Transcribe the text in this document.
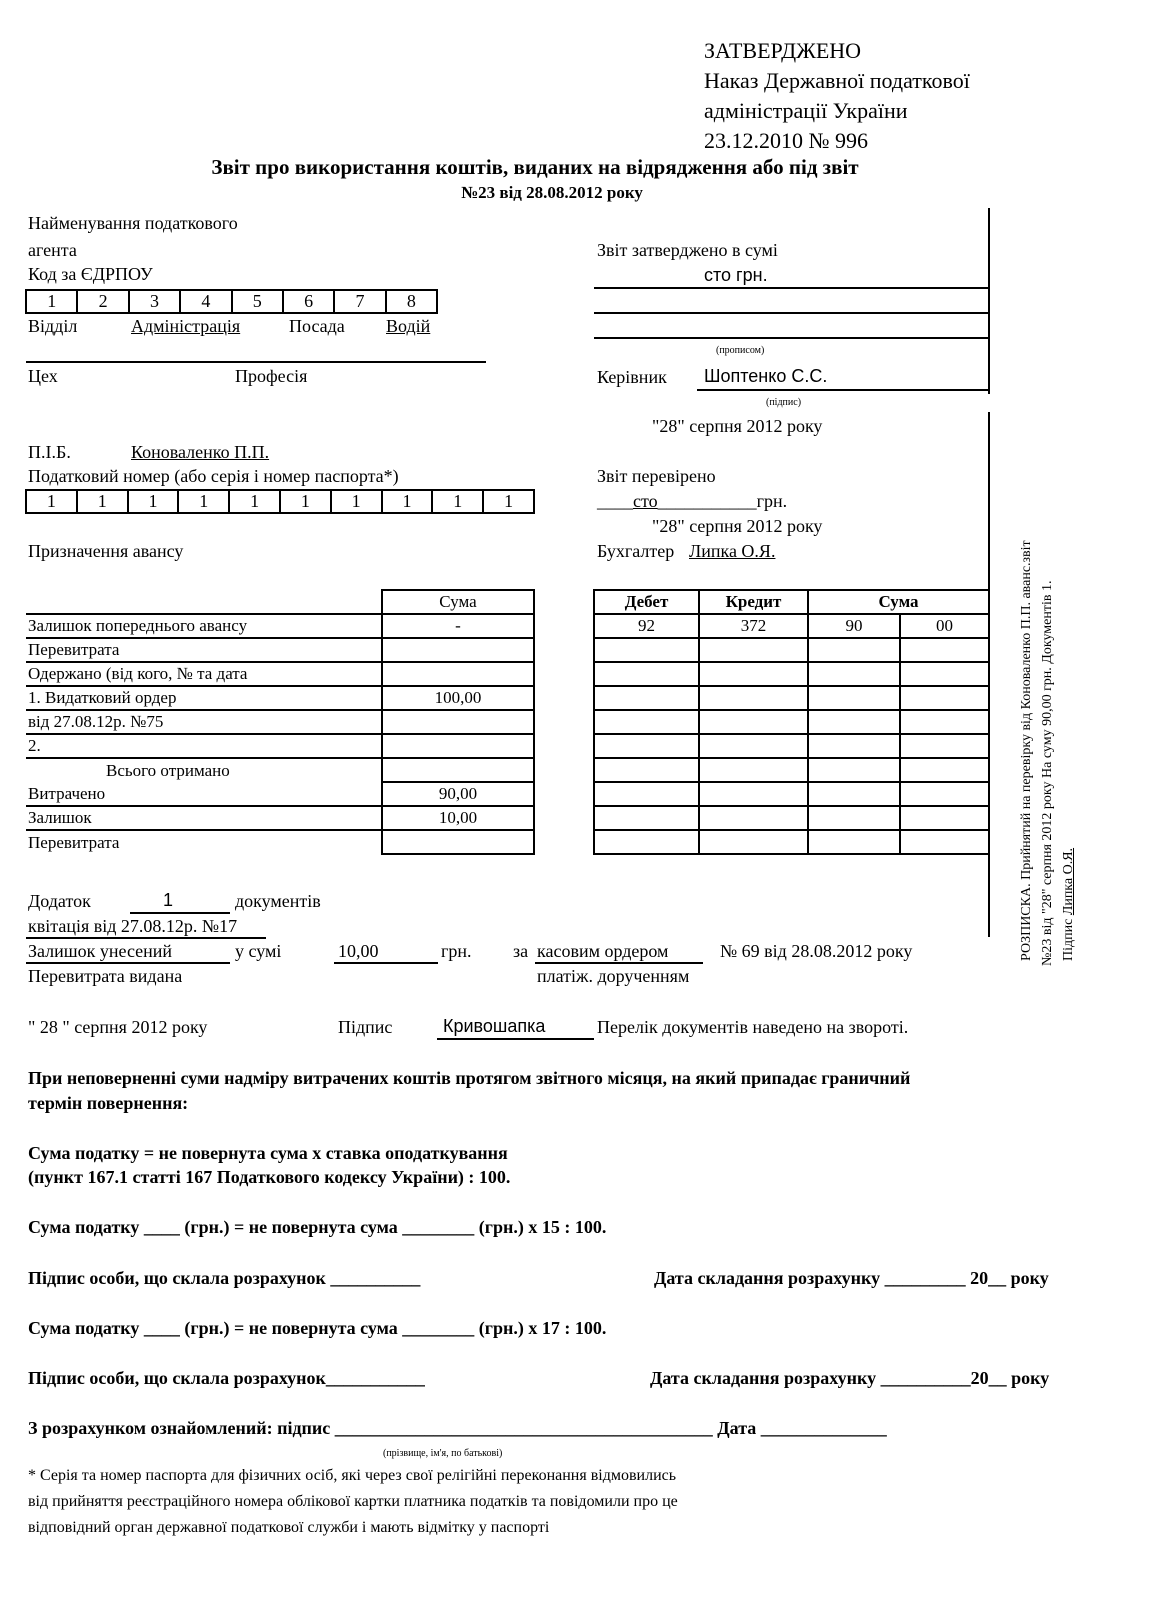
ЗАТВЕРДЖЕНО
Наказ Державної податкової
адміністрації України
23.12.2010 № 996
Звіт про використання коштів, виданих на відрядження або під звіт
№23 від 28.08.2012 року
Найменування податкового
агента
Код за ЄДРПОУ
1	2	3	4	5	6	7	8
Відділ	Адміністрація	Посада Водій
Цех	Професія
П.І.Б.	Коноваленко П.П.
Податковий номер (або серія і номер паспорта*)
1	1	1	1	1	1	1	1	1	1
Призначення авансу
Звіт затверджено в сумі
сто грн.
(прописом)
Керівник Шоптенко С.С.
(підпис)
"28" серпня 2012 року
Звіт перевірено
____сто___________грн.
"28" серпня 2012 року
Бухгалтер Липка О.Я.
	Сума
Залишок попереднього авансу	-
Перевитрата	
Одержано (від кого, № та дата	
1. Видатковий ордер	100,00
від 27.08.12р. №75	
2.	
Всього отримано	
Витрачено	90,00
Залишок	10,00
Перевитрата	
Дебет	Кредит	Сума	
92	372	90	00

Додаток	1	документів
квітація від 27.08.12р. №17
Залишок унесений	у сумі	10,00	грн. за касовим ордером	№ 69 від 28.08.2012 року
Перевитрата видана	платіж. дорученням
" 28 " серпня 2012 року	Підпис	Кривошапка	Перелік документів наведено на звороті.
При неповерненні суми надміру витрачених коштів протягом звітного місяця, на який припадає граничний
термін повернення:
Сума податку = не повернута сума х ставка оподаткування
(пункт 167.1 статті 167 Податкового кодексу України) : 100.
Сума податку ____ (грн.) = не повернута сума ________ (грн.) х 15 : 100.
Підпис особи, що склала розрахунок __________	Дата складання розрахунку _________ 20__ року
Сума податку ____ (грн.) = не повернута сума ________ (грн.) х 17 : 100.
Підпис особи, що склала розрахунок___________	Дата складання розрахунку __________20__ року
З розрахунком ознайомлений: підпис __________________________________________ Дата ______________
(прізвище, ім'я, по батькові)
* Серія та номер паспорта для фізичних осіб, які через свої релігійні переконання відмовились
від прийняття реєстраційного номера облікової картки платника податків та повідомили про це
відповідний орган державної податкової служби і мають відмітку у паспорті
РОЗПИСКА. Прийнятий на перевірку від Коноваленко П.П. аванс.звіт №23 від "28" серпня 2012 року На суму 90,00 грн. Документів 1. Підпис Липка О.Я.
